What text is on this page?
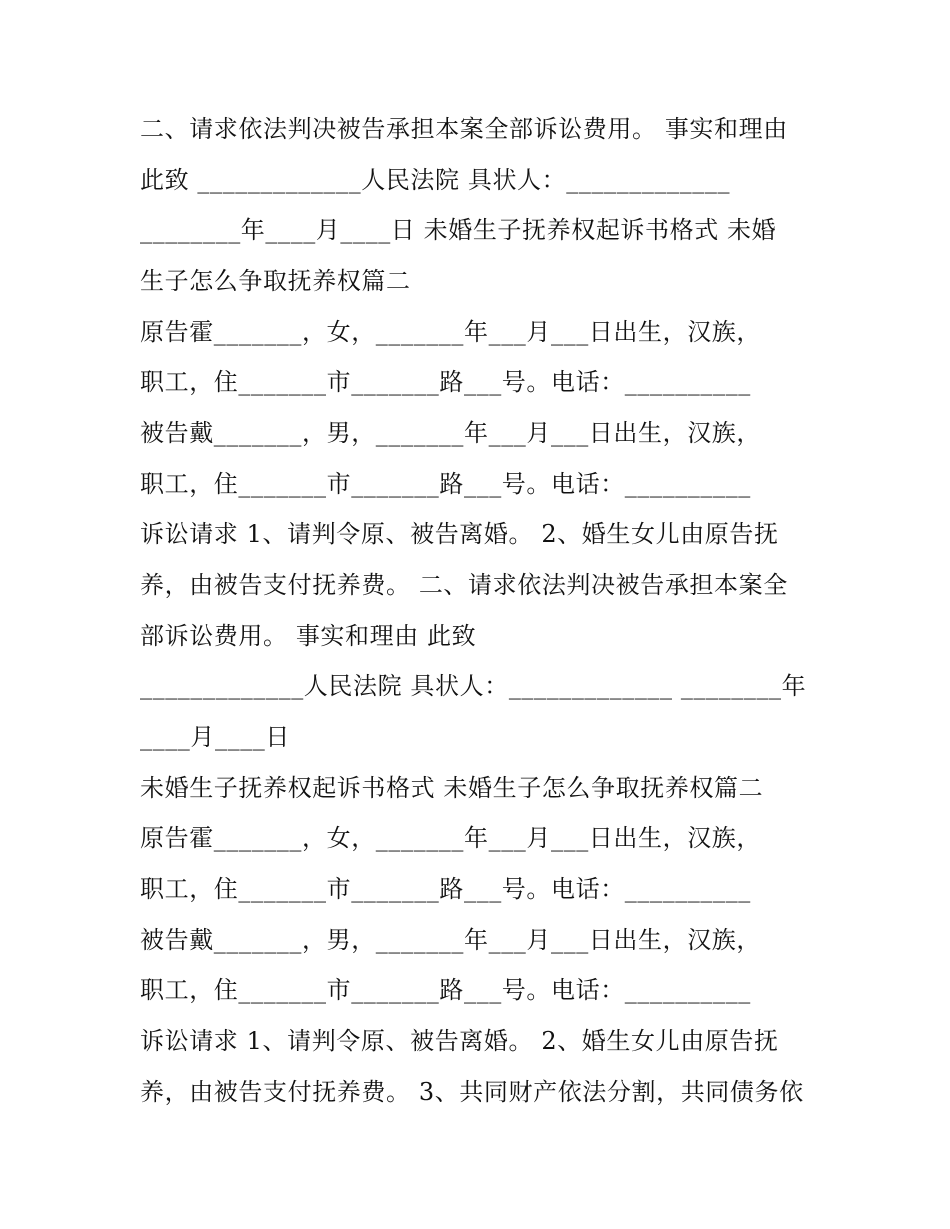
二、请求依法判决被告承担本案全部诉讼费用。 事实和理由

此致 _____________人民法院 具状人：_____________

________年____月____日 未婚生子抚养权起诉书格式 未婚

生子怎么争取抚养权篇二

原告霍_______，女，_______年___月___日出生，汉族，

职工，住_______市_______路___号。电话：__________

被告戴_______，男，_______年___月___日出生，汉族，

职工，住_______市_______路___号。电话：__________

诉讼请求 1、请判令原、被告离婚。 2、婚生女儿由原告抚

养，由被告支付抚养费。 二、请求依法判决被告承担本案全

部诉讼费用。 事实和理由 此致

_____________人民法院 具状人：_____________ ________年

____月____日

未婚生子抚养权起诉书格式 未婚生子怎么争取抚养权篇二

原告霍_______，女，_______年___月___日出生，汉族，

职工，住_______市_______路___号。电话：__________

被告戴_______，男，_______年___月___日出生，汉族，

职工，住_______市_______路___号。电话：__________

诉讼请求 1、请判令原、被告离婚。 2、婚生女儿由原告抚

养，由被告支付抚养费。 3、共同财产依法分割，共同债务依
